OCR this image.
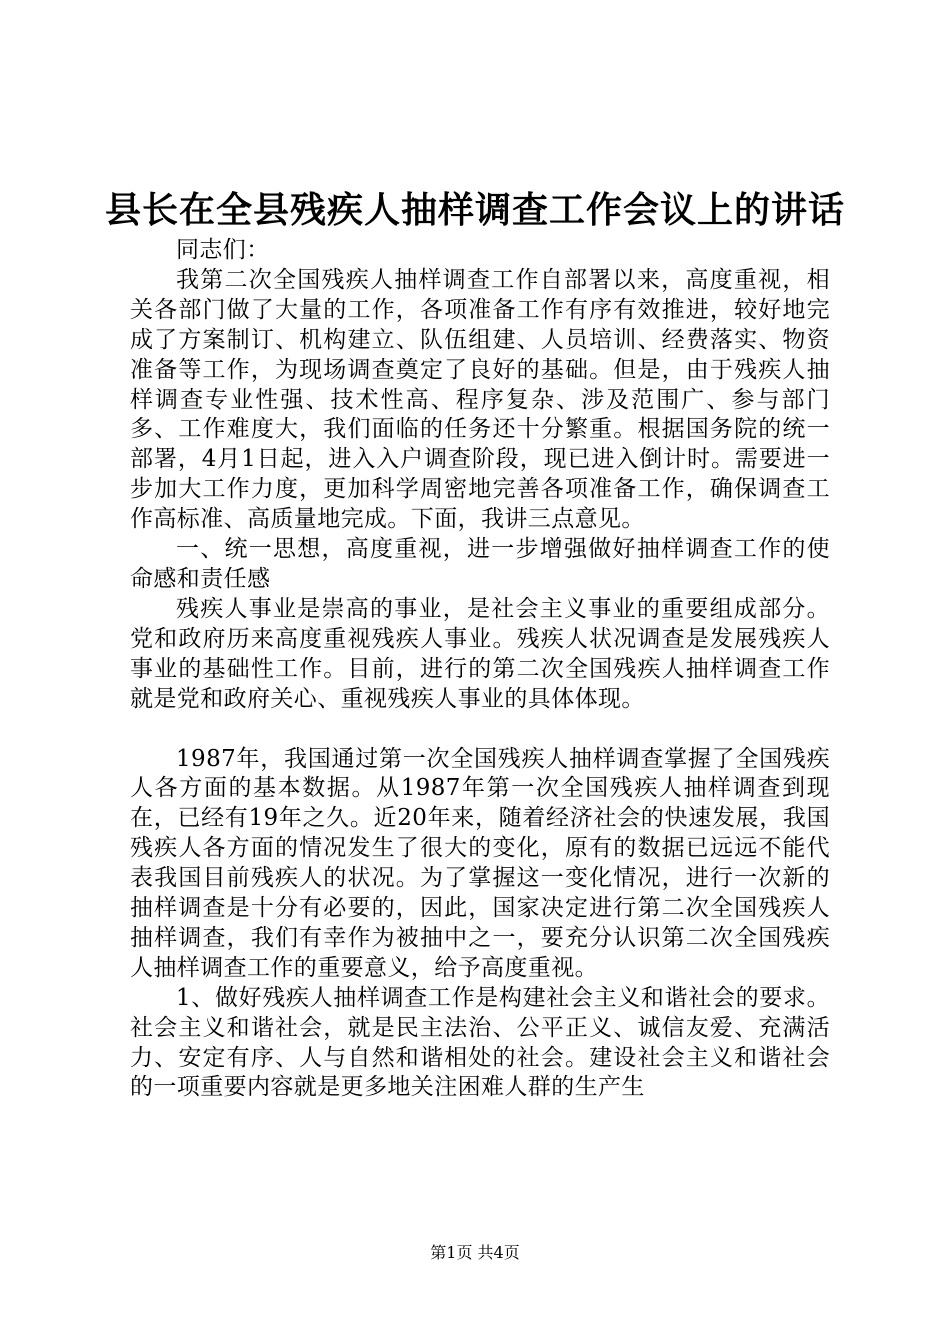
县长在全县残疾人抽样调查工作会议上的讲话

同志们：

我第二次全国残疾人抽样调查工作自部署以来，高度重视，相关各部门做了大量的工作，各项准备工作有序有效推进，较好地完成了方案制订、机构建立、队伍组建、人员培训、经费落实、物资准备等工作，为现场调查奠定了良好的基础。但是，由于残疾人抽样调查专业性强、技术性高、程序复杂、涉及范围广、参与部门多、工作难度大，我们面临的任务还十分繁重。根据国务院的统一部署，4月1日起，进入入户调查阶段，现已进入倒计时。需要进一步加大工作力度，更加科学周密地完善各项准备工作，确保调查工作高标准、高质量地完成。下面，我讲三点意见。

一、统一思想，高度重视，进一步增强做好抽样调查工作的使命感和责任感

残疾人事业是崇高的事业，是社会主义事业的重要组成部分。党和政府历来高度重视残疾人事业。残疾人状况调查是发展残疾人事业的基础性工作。目前，进行的第二次全国残疾人抽样调查工作就是党和政府关心、重视残疾人事业的具体体现。

1987年，我国通过第一次全国残疾人抽样调查掌握了全国残疾人各方面的基本数据。从1987年第一次全国残疾人抽样调查到现在，已经有19年之久。近20年来，随着经济社会的快速发展，我国残疾人各方面的情况发生了很大的变化，原有的数据已远远不能代表我国目前残疾人的状况。为了掌握这一变化情况，进行一次新的抽样调查是十分有必要的，因此，国家决定进行第二次全国残疾人抽样调查，我们有幸作为被抽中之一，要充分认识第二次全国残疾人抽样调查工作的重要意义，给予高度重视。

1、做好残疾人抽样调查工作是构建社会主义和谐社会的要求。社会主义和谐社会，就是民主法治、公平正义、诚信友爱、充满活力、安定有序、人与自然和谐相处的社会。建设社会主义和谐社会的一项重要内容就是更多地关注困难人群的生产生

第1页 共4页
